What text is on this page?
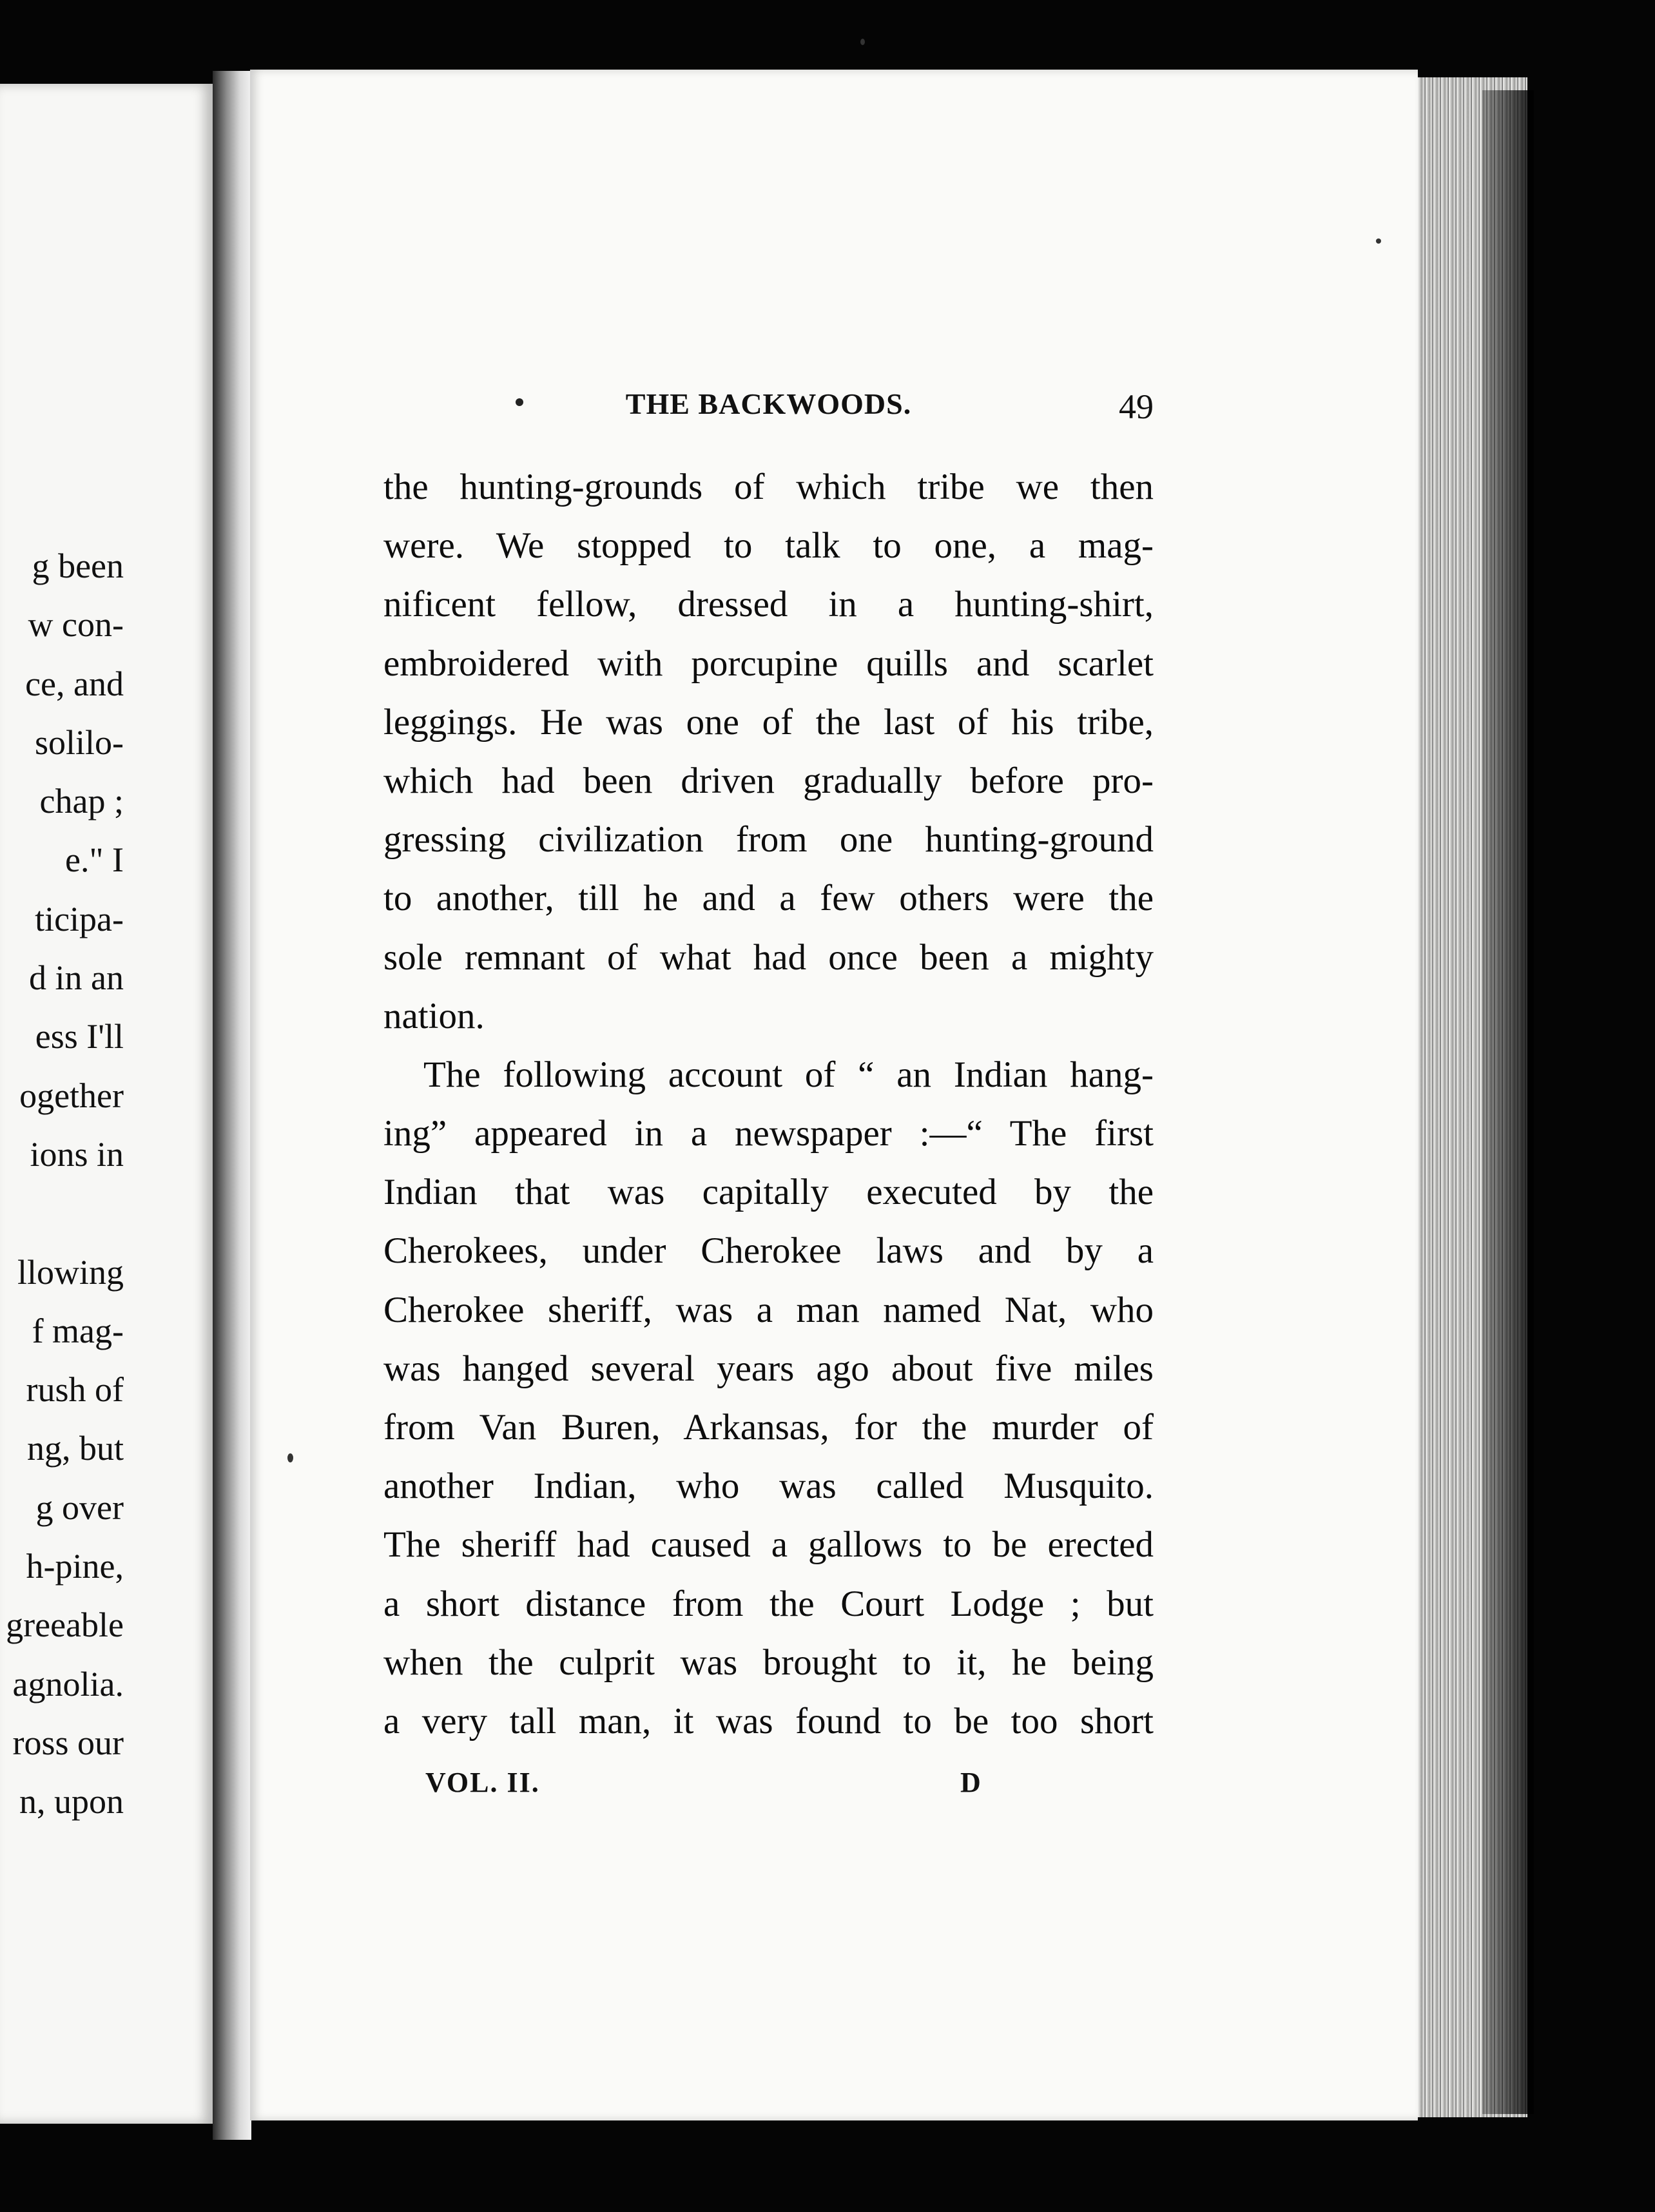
g been
w con-
ce, and
solilo-
chap ;
e." I
ticipa-
d in an
ess I'll
ogether
ions in
llowing
f mag-
rush of
ng, but
g over
h-pine,
greeable
agnolia.
ross our
n, upon
THE BACKWOODS.	49
the hunting-grounds of which tribe we then
were. We stopped to talk to one, a mag-
nificent fellow, dressed in a hunting-shirt,
embroidered with porcupine quills and scarlet
leggings. He was one of the last of his tribe,
which had been driven gradually before pro-
gressing civilization from one hunting-ground
to another, till he and a few others were the
sole remnant of what had once been a mighty
nation.
The following account of “ an Indian hang-
ing” appeared in a newspaper :—“ The first
Indian that was capitally executed by the
Cherokees, under Cherokee laws and by a
Cherokee sheriff, was a man named Nat, who
was hanged several years ago about five miles
from Van Buren, Arkansas, for the murder of
another Indian, who was called Musquito.
The sheriff had caused a gallows to be erected
a short distance from the Court Lodge ; but
when the culprit was brought to it, he being
a very tall man, it was found to be too short
VOL. II.	D
